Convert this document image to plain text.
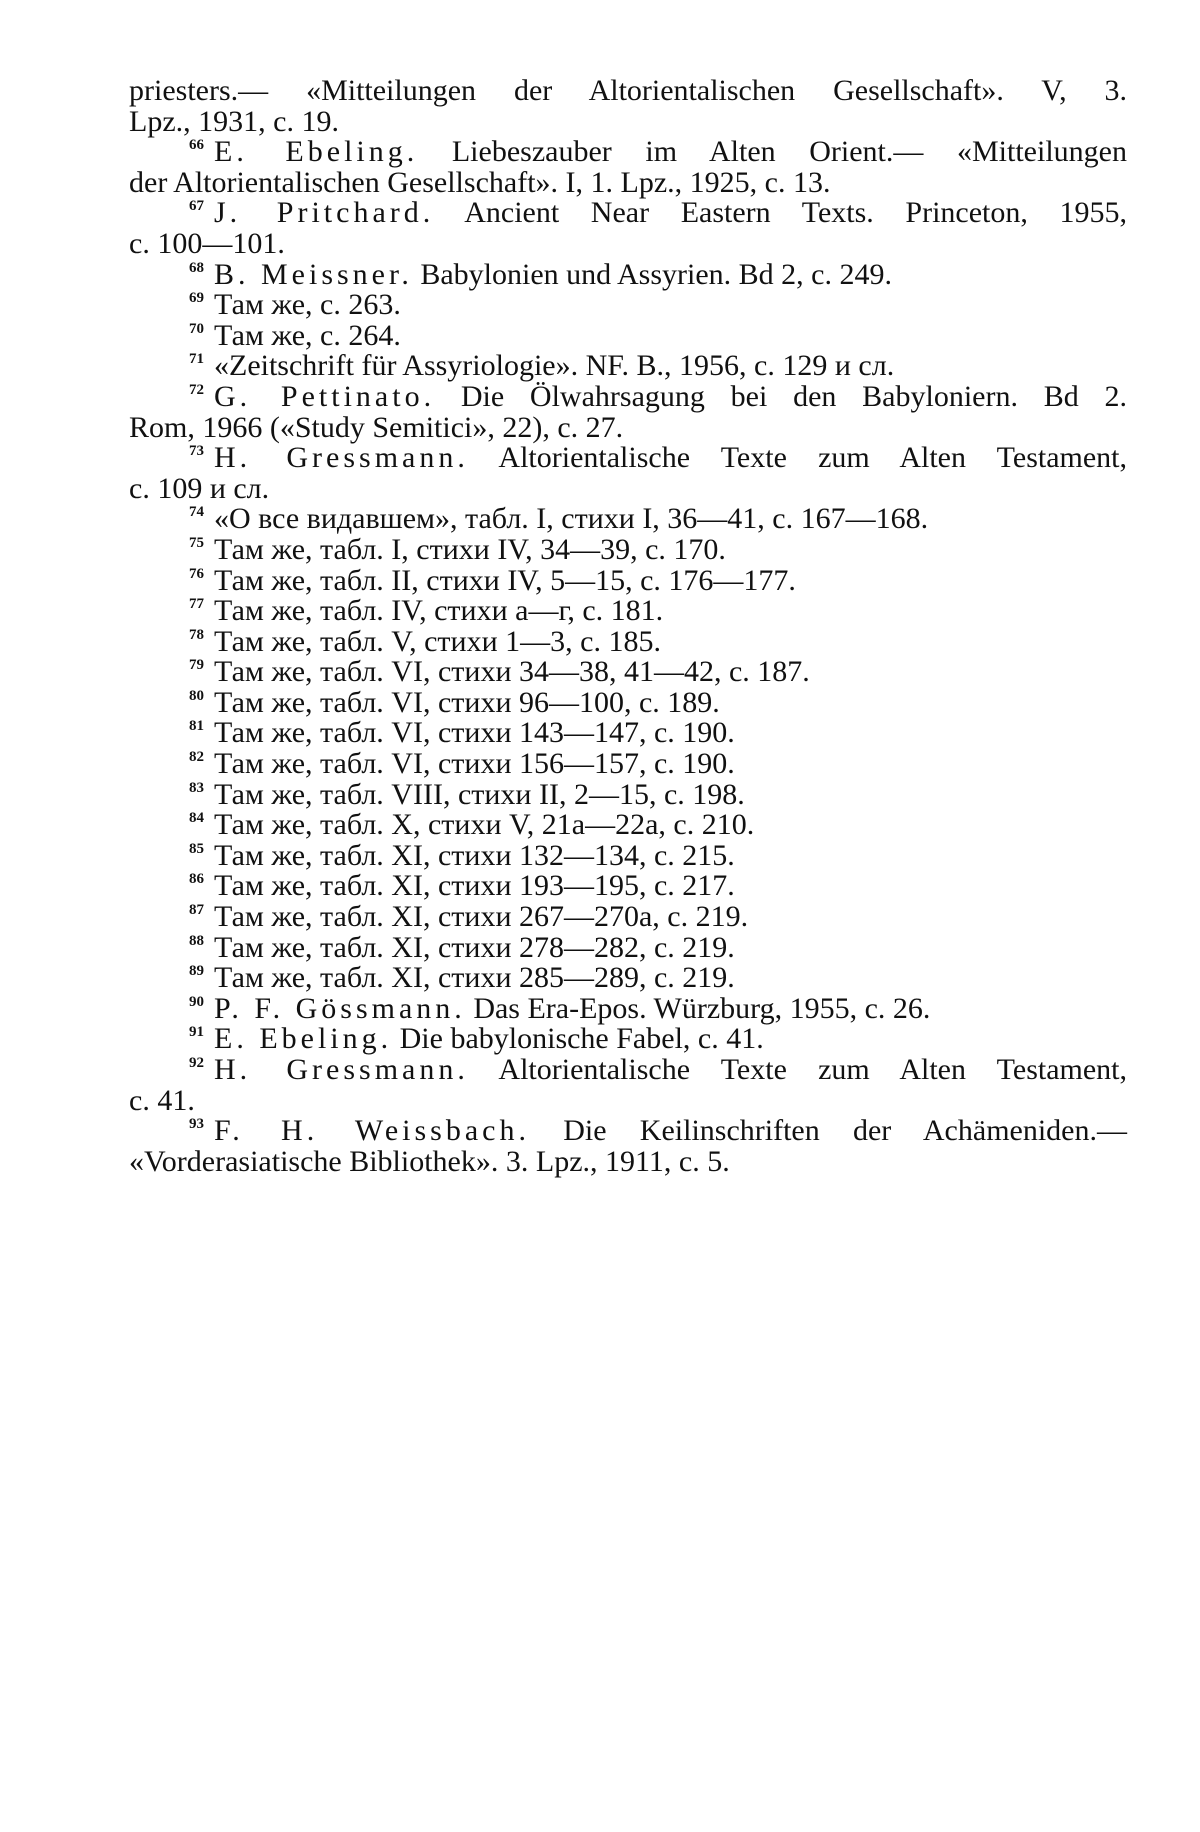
priesters.— «Mitteilungen der Altorientalischen Gesellschaft». V, 3.
Lpz., 1931, c. 19.
$^{66}$ E. Ebeling. Liebeszauber im Alten Orient.— «Mitteilungen
der Altorientalischen Gesellschaft». I, 1. Lpz., 1925, c. 13.
$^{67}$ J. Pritchard. Ancient Near Eastern Texts. Princeton, 1955,
c. 100—101.
$^{68}$ B. Meissner. Babylonien und Assyrien. Bd 2, c. 249.
$^{69}$ Там же, с. 263.
$^{70}$ Там же, с. 264.
$^{71}$ «Zeitschrift für Assyriologie». NF. B., 1956, c. 129 и сл.
$^{72}$ G. Pettinato. Die Ölwahrsagung bei den Babyloniern. Bd 2.
Rom, 1966 («Study Semitici», 22), c. 27.
$^{73}$ H. Gressmann. Altorientalische Texte zum Alten Testament,
c. 109 и сл.
$^{74}$ «О все видавшем», табл. I, стихи I, 36—41, с. 167—168.
$^{75}$ Там же, табл. I, стихи IV, 34—39, с. 170.
$^{76}$ Там же, табл. II, стихи IV, 5—15, с. 176—177.
$^{77}$ Там же, табл. IV, стихи а—г, с. 181.
$^{78}$ Там же, табл. V, стихи 1—3, с. 185.
$^{79}$ Там же, табл. VI, стихи 34—38, 41—42, с. 187.
$^{80}$ Там же, табл. VI, стихи 96—100, с. 189.
$^{81}$ Там же, табл. VI, стихи 143—147, с. 190.
$^{82}$ Там же, табл. VI, стихи 156—157, с. 190.
$^{83}$ Там же, табл. VIII, стихи II, 2—15, с. 198.
$^{84}$ Там же, табл. X, стихи V, 21а—22а, с. 210.
$^{85}$ Там же, табл. XI, стихи 132—134, с. 215.
$^{86}$ Там же, табл. XI, стихи 193—195, с. 217.
$^{87}$ Там же, табл. XI, стихи 267—270а, с. 219.
$^{88}$ Там же, табл. XI, стихи 278—282, с. 219.
$^{89}$ Там же, табл. XI, стихи 285—289, с. 219.
$^{90}$ P. F. Gössmann. Das Era-Epos. Würzburg, 1955, c. 26.
$^{91}$ E. Ebeling. Die babylonische Fabel, c. 41.
$^{92}$ H. Gressmann. Altorientalische Texte zum Alten Testament,
c. 41.
$^{93}$ F. H. Weissbach. Die Keilinschriften der Achämeniden.—
«Vorderasiatische Bibliothek». 3. Lpz., 1911, c. 5.
